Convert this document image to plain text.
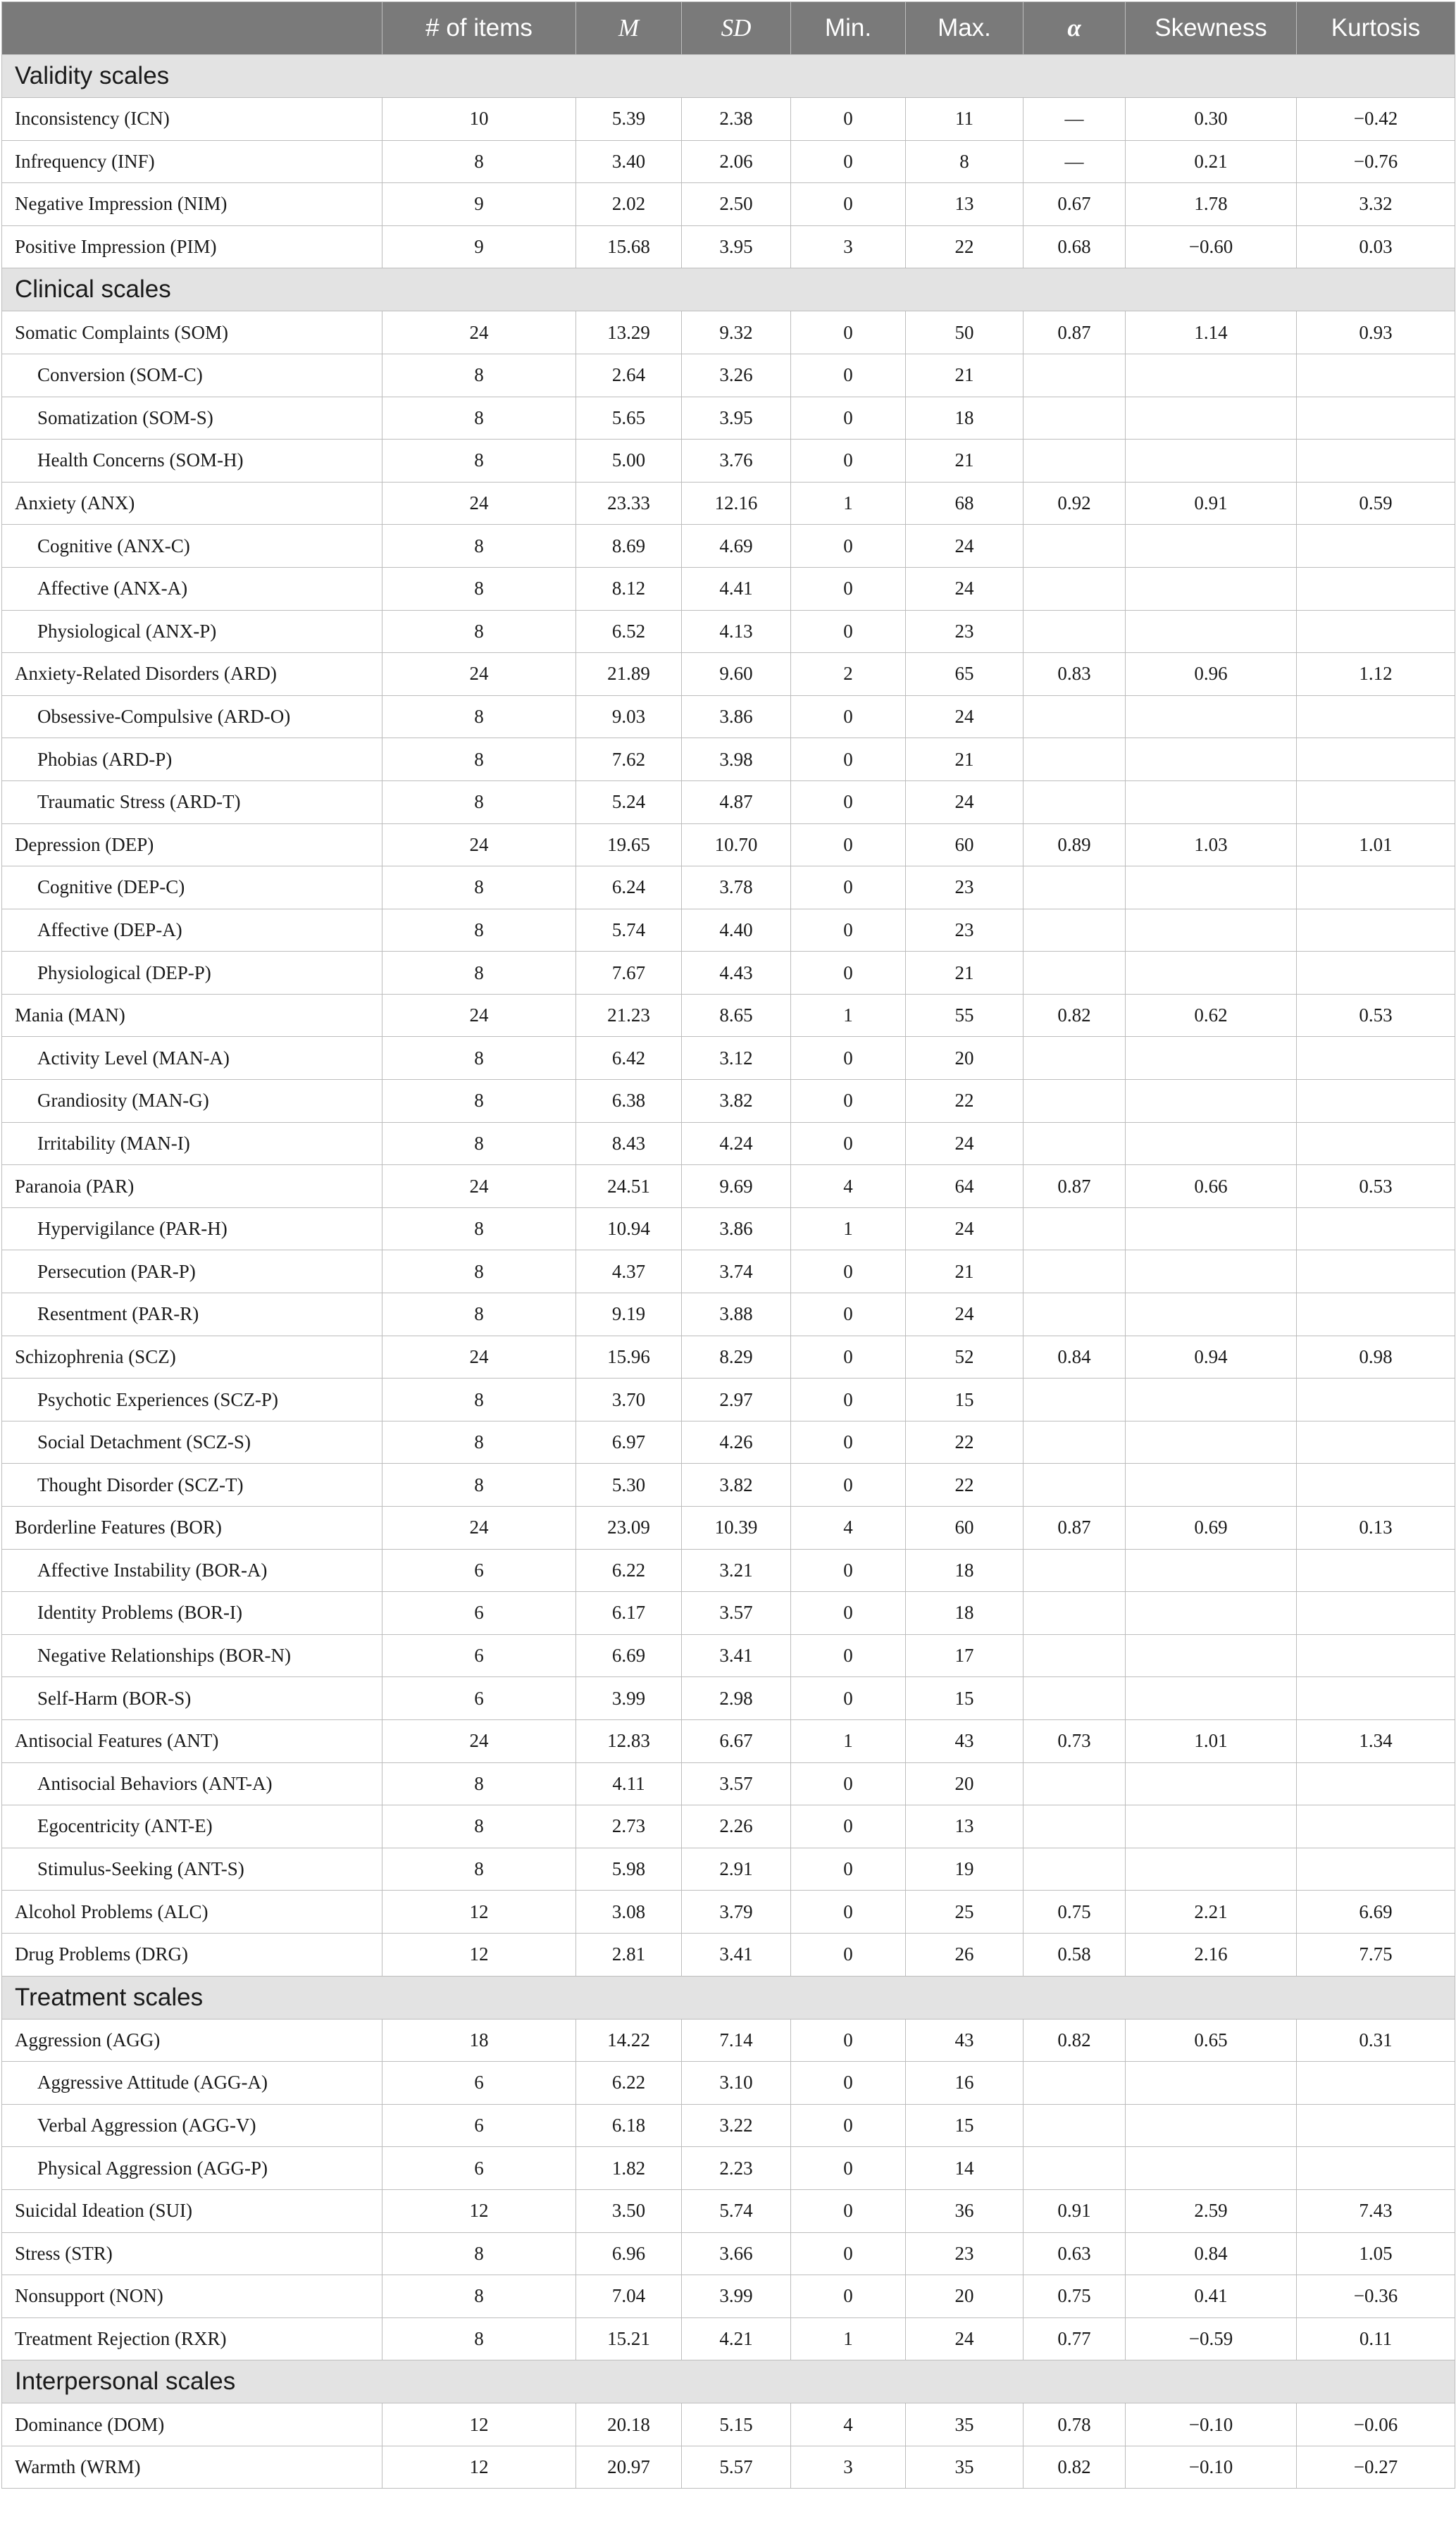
	# of items	M	SD	Min.	Max.	α	Skewness	Kurtosis
Validity scales								
Inconsistency (ICN)	10	5.39	2.38	0	11	—	0.30	−0.42
Infrequency (INF)	8	3.40	2.06	0	8	—	0.21	−0.76
Negative Impression (NIM)	9	2.02	2.50	0	13	0.67	1.78	3.32
Positive Impression (PIM)	9	15.68	3.95	3	22	0.68	−0.60	0.03
Clinical scales								
Somatic Complaints (SOM)	24	13.29	9.32	0	50	0.87	1.14	0.93
Conversion (SOM-C)	8	2.64	3.26	0	21			
Somatization (SOM-S)	8	5.65	3.95	0	18			
Health Concerns (SOM-H)	8	5.00	3.76	0	21			
Anxiety (ANX)	24	23.33	12.16	1	68	0.92	0.91	0.59
Cognitive (ANX-C)	8	8.69	4.69	0	24			
Affective (ANX-A)	8	8.12	4.41	0	24			
Physiological (ANX-P)	8	6.52	4.13	0	23			
Anxiety-Related Disorders (ARD)	24	21.89	9.60	2	65	0.83	0.96	1.12
Obsessive-Compulsive (ARD-O)	8	9.03	3.86	0	24			
Phobias (ARD-P)	8	7.62	3.98	0	21			
Traumatic Stress (ARD-T)	8	5.24	4.87	0	24			
Depression (DEP)	24	19.65	10.70	0	60	0.89	1.03	1.01
Cognitive (DEP-C)	8	6.24	3.78	0	23			
Affective (DEP-A)	8	5.74	4.40	0	23			
Physiological (DEP-P)	8	7.67	4.43	0	21			
Mania (MAN)	24	21.23	8.65	1	55	0.82	0.62	0.53
Activity Level (MAN-A)	8	6.42	3.12	0	20			
Grandiosity (MAN-G)	8	6.38	3.82	0	22			
Irritability (MAN-I)	8	8.43	4.24	0	24			
Paranoia (PAR)	24	24.51	9.69	4	64	0.87	0.66	0.53
Hypervigilance (PAR-H)	8	10.94	3.86	1	24			
Persecution (PAR-P)	8	4.37	3.74	0	21			
Resentment (PAR-R)	8	9.19	3.88	0	24			
Schizophrenia (SCZ)	24	15.96	8.29	0	52	0.84	0.94	0.98
Psychotic Experiences (SCZ-P)	8	3.70	2.97	0	15			
Social Detachment (SCZ-S)	8	6.97	4.26	0	22			
Thought Disorder (SCZ-T)	8	5.30	3.82	0	22			
Borderline Features (BOR)	24	23.09	10.39	4	60	0.87	0.69	0.13
Affective Instability (BOR-A)	6	6.22	3.21	0	18			
Identity Problems (BOR-I)	6	6.17	3.57	0	18			
Negative Relationships (BOR-N)	6	6.69	3.41	0	17			
Self-Harm (BOR-S)	6	3.99	2.98	0	15			
Antisocial Features (ANT)	24	12.83	6.67	1	43	0.73	1.01	1.34
Antisocial Behaviors (ANT-A)	8	4.11	3.57	0	20			
Egocentricity (ANT-E)	8	2.73	2.26	0	13			
Stimulus-Seeking (ANT-S)	8	5.98	2.91	0	19			
Alcohol Problems (ALC)	12	3.08	3.79	0	25	0.75	2.21	6.69
Drug Problems (DRG)	12	2.81	3.41	0	26	0.58	2.16	7.75
Treatment scales								
Aggression (AGG)	18	14.22	7.14	0	43	0.82	0.65	0.31
Aggressive Attitude (AGG-A)	6	6.22	3.10	0	16			
Verbal Aggression (AGG-V)	6	6.18	3.22	0	15			
Physical Aggression (AGG-P)	6	1.82	2.23	0	14			
Suicidal Ideation (SUI)	12	3.50	5.74	0	36	0.91	2.59	7.43
Stress (STR)	8	6.96	3.66	0	23	0.63	0.84	1.05
Nonsupport (NON)	8	7.04	3.99	0	20	0.75	0.41	−0.36
Treatment Rejection (RXR)	8	15.21	4.21	1	24	0.77	−0.59	0.11
Interpersonal scales								
Dominance (DOM)	12	20.18	5.15	4	35	0.78	−0.10	−0.06
Warmth (WRM)	12	20.97	5.57	3	35	0.82	−0.10	−0.27
